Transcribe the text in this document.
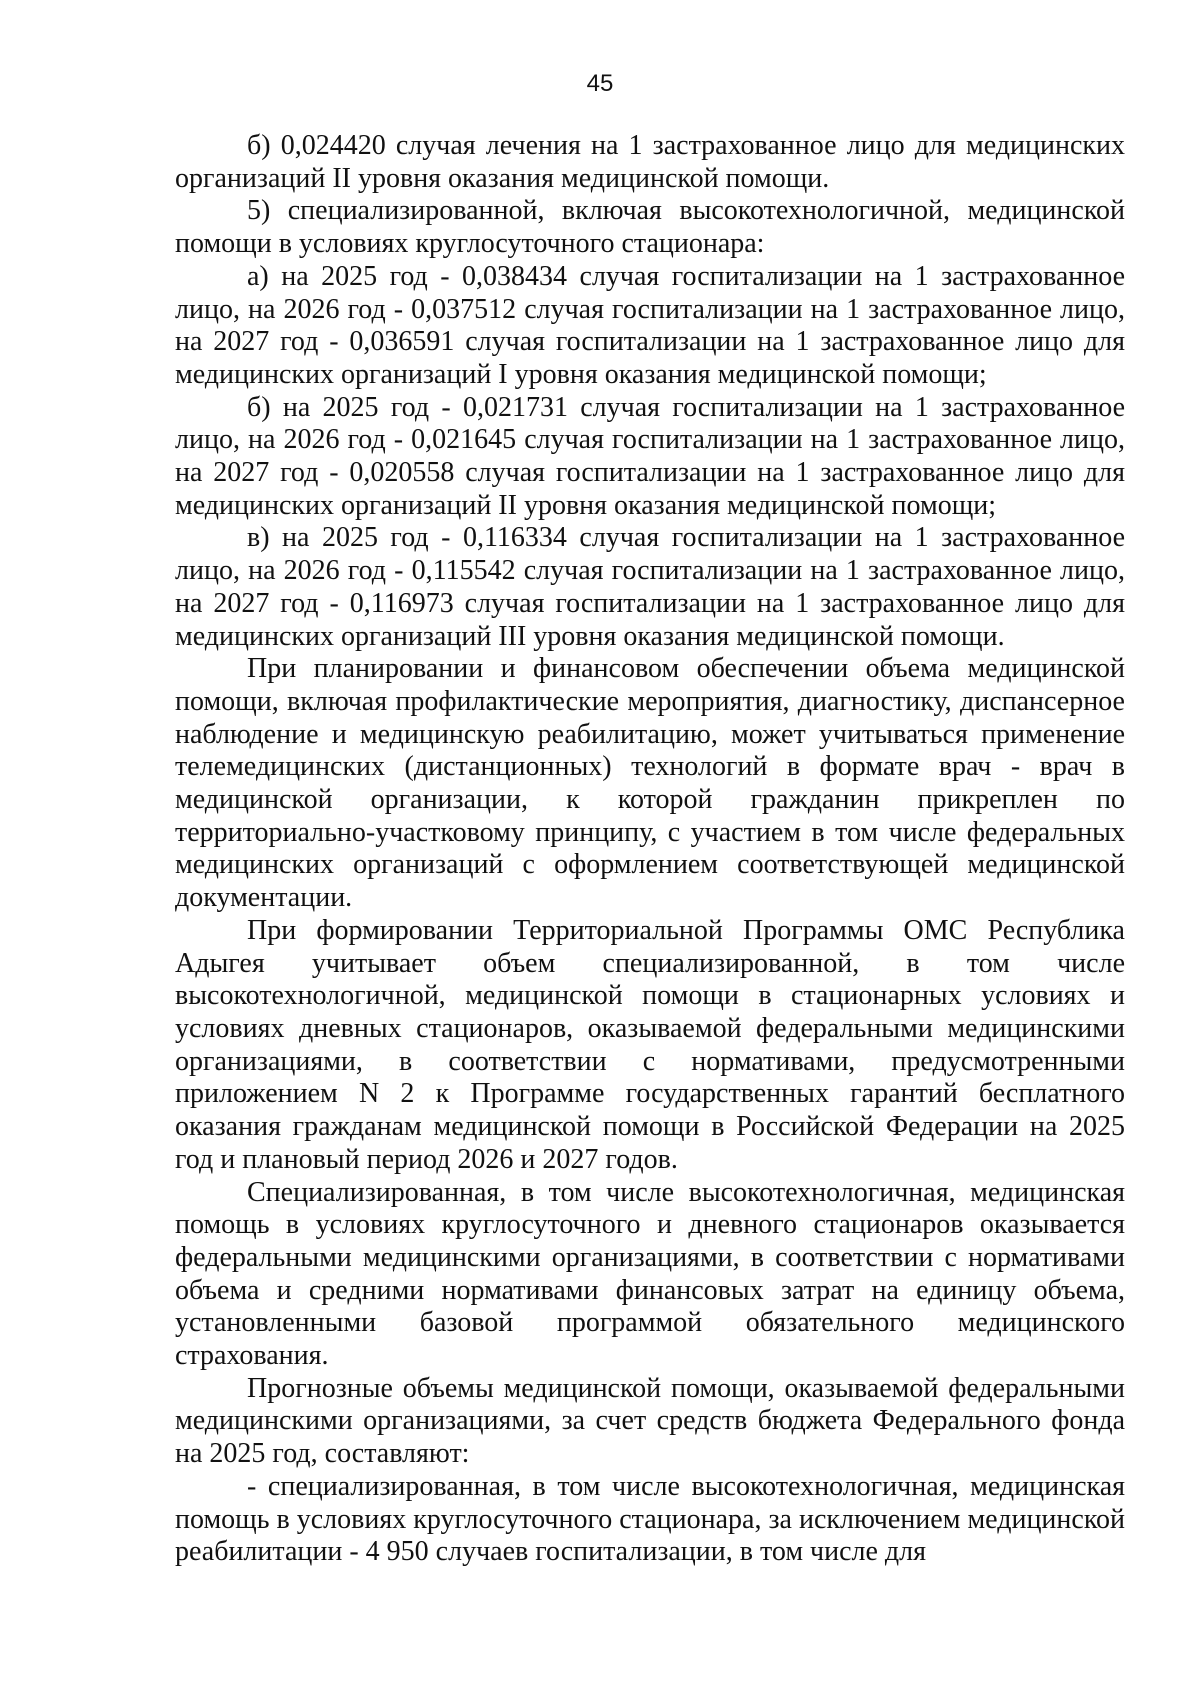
45

б) 0,024420 случая лечения на 1 застрахованное лицо для медицинских организаций II уровня оказания медицинской помощи.

5) специализированной, включая высокотехнологичной, медицинской помощи в условиях круглосуточного стационара:

а) на 2025 год - 0,038434 случая госпитализации на 1 застрахованное лицо, на 2026 год - 0,037512 случая госпитализации на 1 застрахованное лицо, на 2027 год - 0,036591 случая госпитализации на 1 застрахованное лицо для медицинских организаций I уровня оказания медицинской помощи;

б) на 2025 год - 0,021731 случая госпитализации на 1 застрахованное лицо, на 2026 год - 0,021645 случая госпитализации на 1 застрахованное лицо, на 2027 год - 0,020558 случая госпитализации на 1 застрахованное лицо для медицинских организаций II уровня оказания медицинской помощи;

в) на 2025 год - 0,116334 случая госпитализации на 1 застрахованное лицо, на 2026 год - 0,115542 случая госпитализации на 1 застрахованное лицо, на 2027 год - 0,116973 случая госпитализации на 1 застрахованное лицо для медицинских организаций III уровня оказания медицинской помощи.

При планировании и финансовом обеспечении объема медицинской помощи, включая профилактические мероприятия, диагностику, диспансерное наблюдение и медицинскую реабилитацию, может учитываться применение телемедицинских (дистанционных) технологий в формате врач - врач в медицинской организации, к которой гражданин прикреплен по территориально-участковому принципу, с участием в том числе федеральных медицинских организаций с оформлением соответствующей медицинской документации.

При формировании Территориальной Программы ОМС Республика Адыгея учитывает объем специализированной, в том числе высокотехнологичной, медицинской помощи в стационарных условиях и условиях дневных стационаров, оказываемой федеральными медицинскими организациями, в соответствии с нормативами, предусмотренными приложением N 2 к Программе государственных гарантий бесплатного оказания гражданам медицинской помощи в Российской Федерации на 2025 год и плановый период 2026 и 2027 годов.

Специализированная, в том числе высокотехнологичная, медицинская помощь в условиях круглосуточного и дневного стационаров оказывается федеральными медицинскими организациями, в соответствии с нормативами объема и средними нормативами финансовых затрат на единицу объема, установленными базовой программой обязательного медицинского страхования.

Прогнозные объемы медицинской помощи, оказываемой федеральными медицинскими организациями, за счет средств бюджета Федерального фонда на 2025 год, составляют:

- специализированная, в том числе высокотехнологичная, медицинская помощь в условиях круглосуточного стационара, за исключением медицинской реабилитации - 4 950 случаев госпитализации, в том числе для
